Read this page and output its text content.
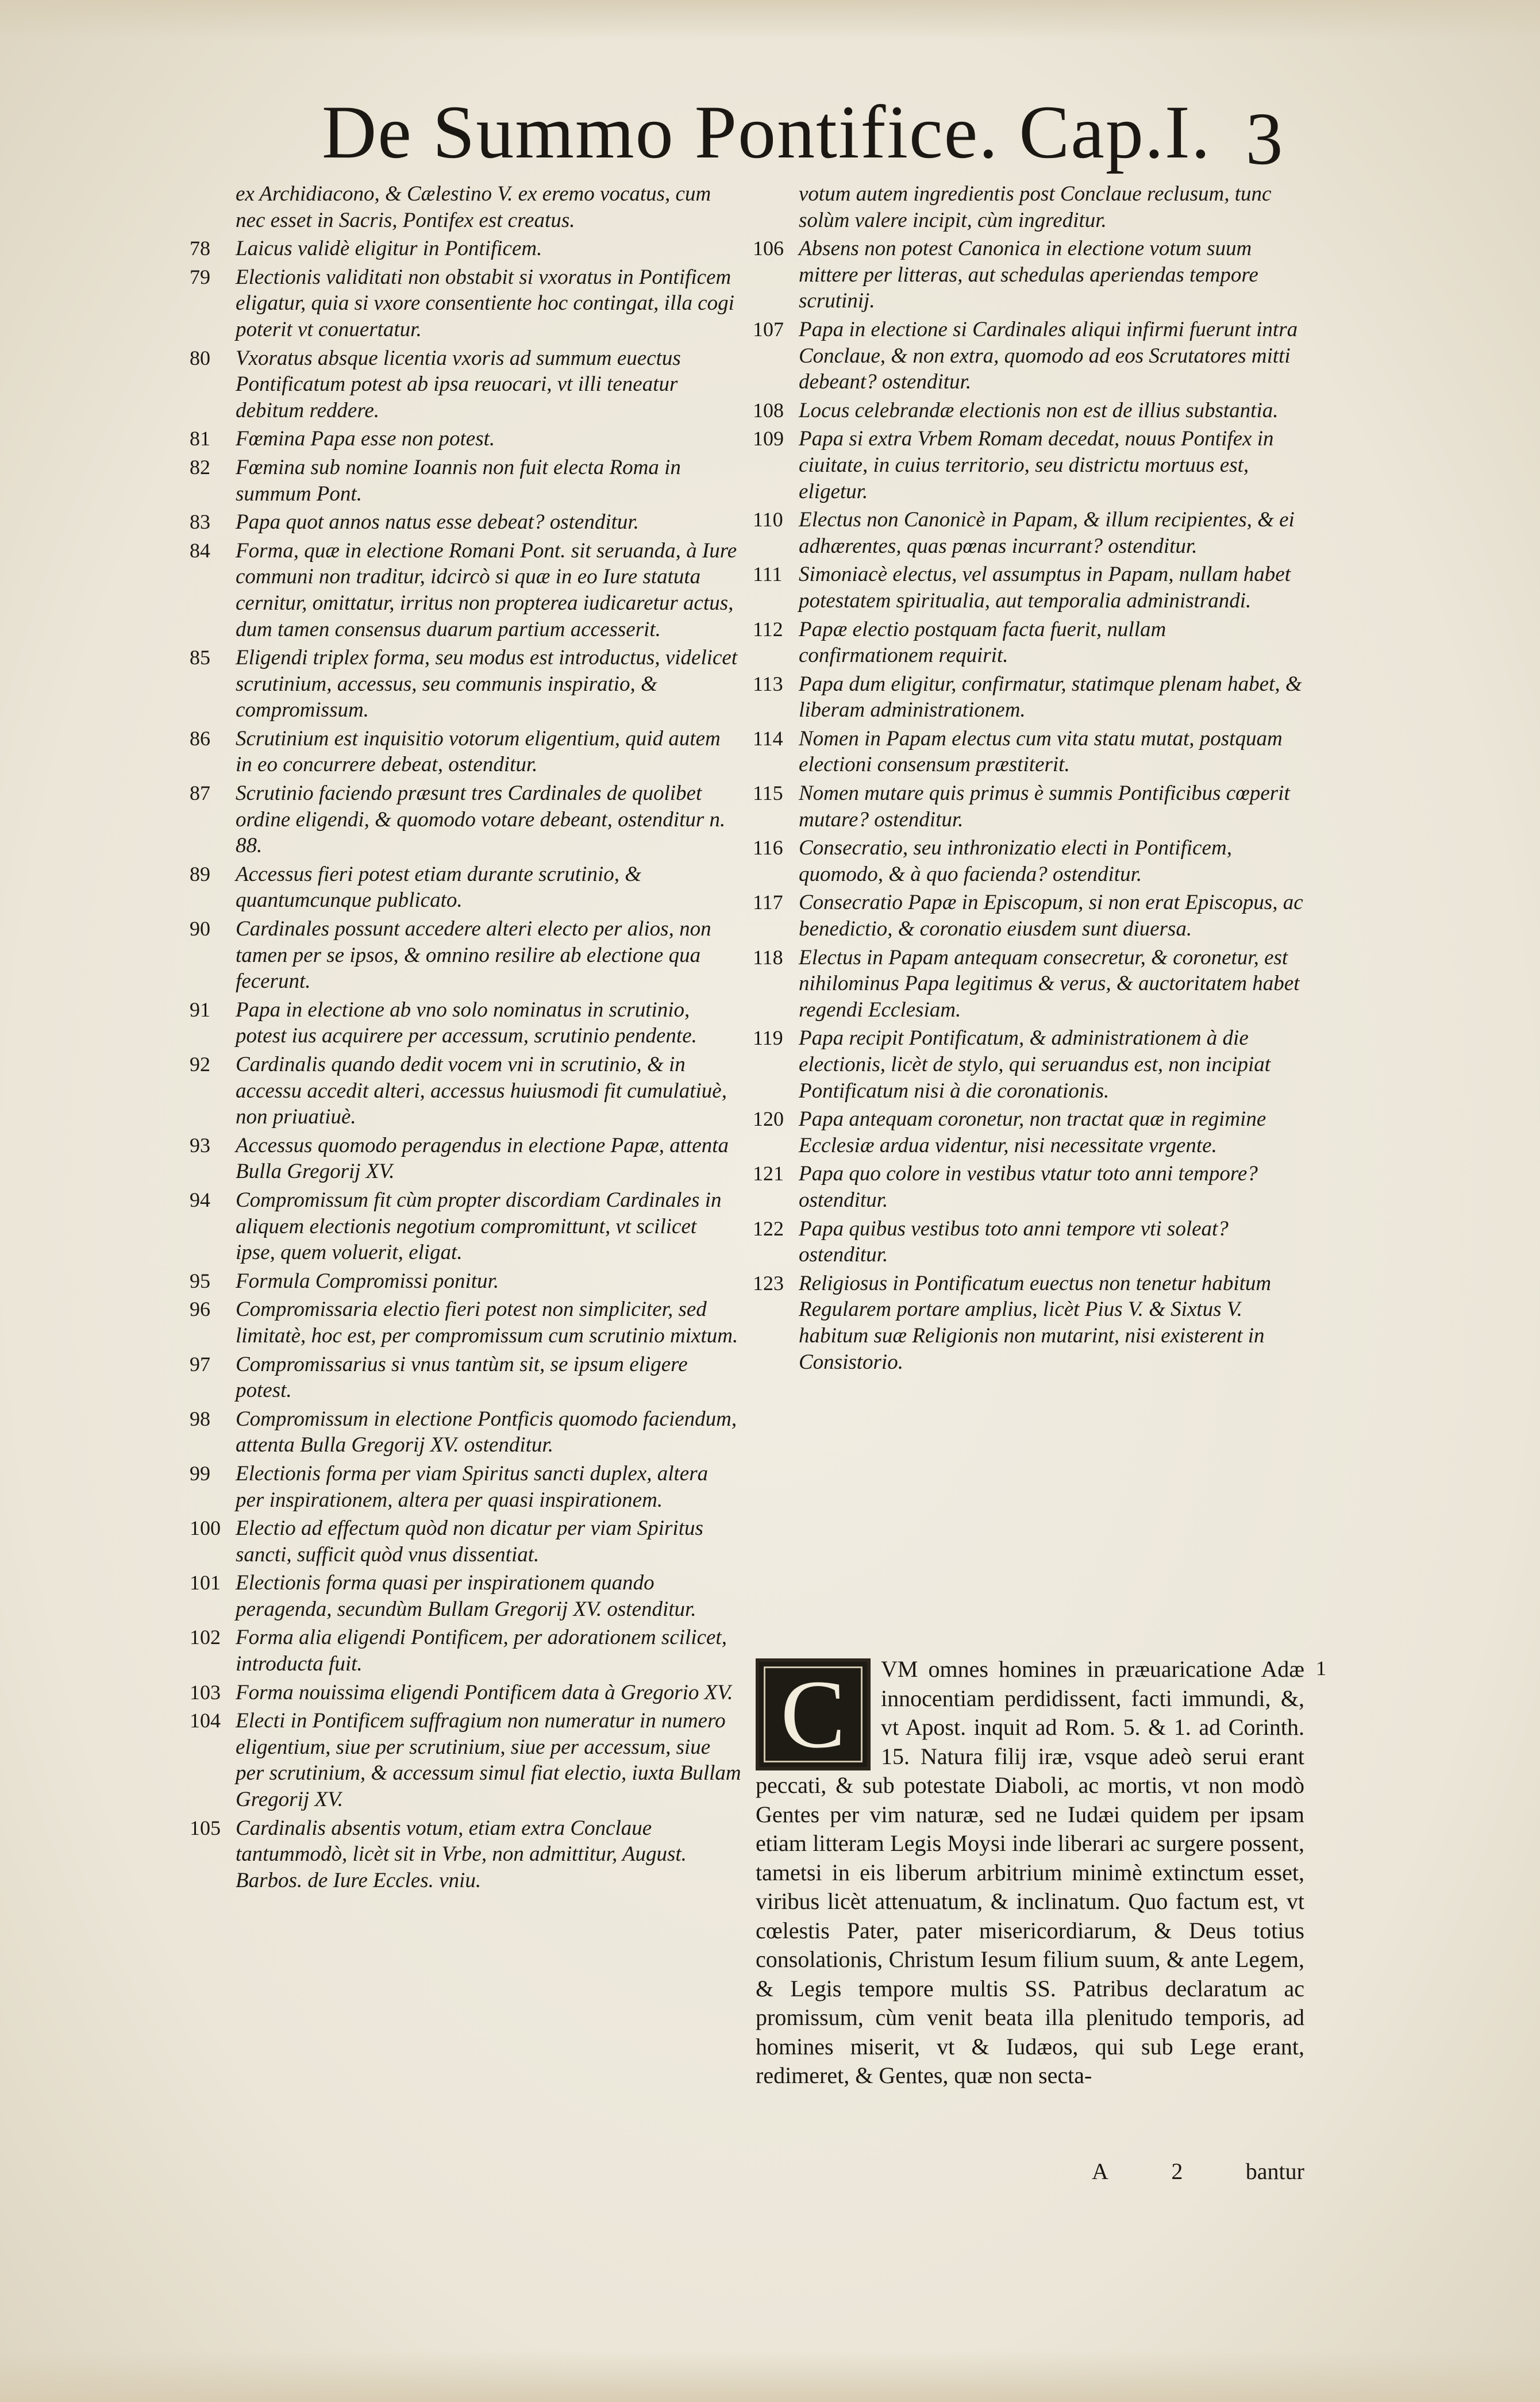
De Summo Pontifice. Cap.I. 3
ex Archidiacono, & Cælestino V. ex eremo vocatus, cum nec esset in Sacris, Pontifex est creatus.
78	Laicus validè eligitur in Pontificem.
79	Electionis validitati non obstabit si vxoratus in Pontificem eligatur, quia si vxore consentiente hoc contingat, illa cogi poterit vt conuertatur.
80	Vxoratus absque licentia vxoris ad summum euectus Pontificatum potest ab ipsa reuocari, vt illi teneatur debitum reddere.
81	Fœmina Papa esse non potest.
82	Fœmina sub nomine Ioannis non fuit electa Roma in summum Pont.
83	Papa quot annos natus esse debeat? ostenditur.
84	Forma, quæ in electione Romani Pont. sit seruanda, à Iure communi non traditur, idcircò si quæ in eo Iure statuta cernitur, omittatur, irritus non propterea iudicaretur actus, dum tamen consensus duarum partium accesserit.
85	Eligendi triplex forma, seu modus est introductus, videlicet scrutinium, accessus, seu communis inspiratio, & compromissum.
86	Scrutinium est inquisitio votorum eligentium, quid autem in eo concurrere debeat, ostenditur.
87	Scrutinio faciendo præsunt tres Cardinales de quolibet ordine eligendi, & quomodo votare debeant, ostenditur n. 88.
89	Accessus fieri potest etiam durante scrutinio, & quantumcunque publicato.
90	Cardinales possunt accedere alteri electo per alios, non tamen per se ipsos, & omnino resilire ab electione qua fecerunt.
91	Papa in electione ab vno solo nominatus in scrutinio, potest ius acquirere per accessum, scrutinio pendente.
92	Cardinalis quando dedit vocem vni in scrutinio, & in accessu accedit alteri, accessus huiusmodi fit cumulatiuè, non priuatiuè.
93	Accessus quomodo peragendus in electione Papæ, attenta Bulla Gregorij XV.
94	Compromissum fit cùm propter discordiam Cardinales in aliquem electionis negotium compromittunt, vt scilicet ipse, quem voluerit, eligat.
95	Formula Compromissi ponitur.
96	Compromissaria electio fieri potest non simpliciter, sed limitatè, hoc est, per compromissum cum scrutinio mixtum.
97	Compromissarius si vnus tantùm sit, se ipsum eligere potest.
98	Compromissum in electione Pontficis quomodo faciendum, attenta Bulla Gregorij XV. ostenditur.
99	Electionis forma per viam Spiritus sancti duplex, altera per inspirationem, altera per quasi inspirationem.
100 Electio ad effectum quòd non dicatur per viam Spiritus sancti, sufficit quòd vnus dissentiat.
101 Electionis forma quasi per inspirationem quando peragenda, secundùm Bullam Gregorij XV. ostenditur.
102 Forma alia eligendi Pontificem, per adorationem scilicet, introducta fuit.
103 Forma nouissima eligendi Pontificem data à Gregorio XV.
104 Electi in Pontificem suffragium non numeratur in numero eligentium, siue per scrutinium, siue per accessum, siue per scrutinium, & accessum simul fiat electio, iuxta Bullam Gregorij XV.
105 Cardinalis absentis votum, etiam extra Conclaue tantummodò, licèt sit in Vrbe, non admittitur, August. Barbos. de Iure Eccles. vniu.
votum autem ingredientis post Conclaue reclusum, tunc solùm valere incipit, cùm ingreditur.
106 Absens non potest Canonica in electione votum suum mittere per litteras, aut schedulas aperiendas tempore scrutinij.
107 Papa in electione si Cardinales aliqui infirmi fuerunt intra Conclaue, & non extra, quomodo ad eos Scrutatores mitti debeant? ostenditur.
108 Locus celebrandæ electionis non est de illius substantia.
109 Papa si extra Vrbem Romam decedat, nouus Pontifex in ciuitate, in cuius territorio, seu districtu mortuus est, eligetur.
110 Electus non Canonicè in Papam, & illum recipientes, & ei adhærentes, quas pœnas incurrant? ostenditur.
111 Simoniacè electus, vel assumptus in Papam, nullam habet potestatem spiritualia, aut temporalia administrandi.
112 Papæ electio postquam facta fuerit, nullam confirmationem requirit.
113 Papa dum eligitur, confirmatur, statimque plenam habet, & liberam administrationem.
114 Nomen in Papam electus cum vita statu mutat, postquam electioni consensum præstiterit.
115 Nomen mutare quis primus è summis Pontificibus cœperit mutare? ostenditur.
116 Consecratio, seu inthronizatio electi in Pontificem, quomodo, & à quo facienda? ostenditur.
117 Consecratio Papæ in Episcopum, si non erat Episcopus, ac benedictio, & coronatio eiusdem sunt diuersa.
118 Electus in Papam antequam consecretur, & coronetur, est nihilominus Papa legitimus & verus, & auctoritatem habet regendi Ecclesiam.
119 Papa recipit Pontificatum, & administrationem à die electionis, licèt de stylo, qui seruandus est, non incipiat Pontificatum nisi à die coronationis.
120 Papa antequam coronetur, non tractat quæ in regimine Ecclesiæ ardua videntur, nisi necessitate vrgente.
121 Papa quo colore in vestibus vtatur toto anni tempore? ostenditur.
122 Papa quibus vestibus toto anni tempore vti soleat? ostenditur.
123 Religiosus in Pontificatum euectus non tenetur habitum Regularem portare amplius, licèt Pius V. & Sixtus V. habitum suæ Religionis non mutarint, nisi existerent in Consistorio.
1
C	VM omnes homines in præuaricatione Adæ innocentiam perdidissent, facti immundi, &, vt Apost. inquit ad Rom. 5. & 1. ad Corinth. 15. Natura filij iræ, vsque adeò serui erant peccati, & sub potestate Diaboli, ac mortis, vt non modò Gentes per vim naturæ, sed ne Iudæi quidem per ipsam etiam litteram Legis Moysi inde liberari ac surgere possent, tametsi in eis liberum arbitrium minimè extinctum esset, viribus licèt attenuatum, & inclinatum. Quo factum est, vt cœlestis Pater, pater misericordiarum, & Deus totius consolationis, Christum Iesum filium suum, & ante Legem, & Legis tempore multis SS. Patribus declaratum ac promissum, cùm venit beata illa plenitudo temporis, ad homines miserit, vt & Iudæos, qui sub Lege erant, redimeret, & Gentes, quæ non secta-
A	2	bantur
